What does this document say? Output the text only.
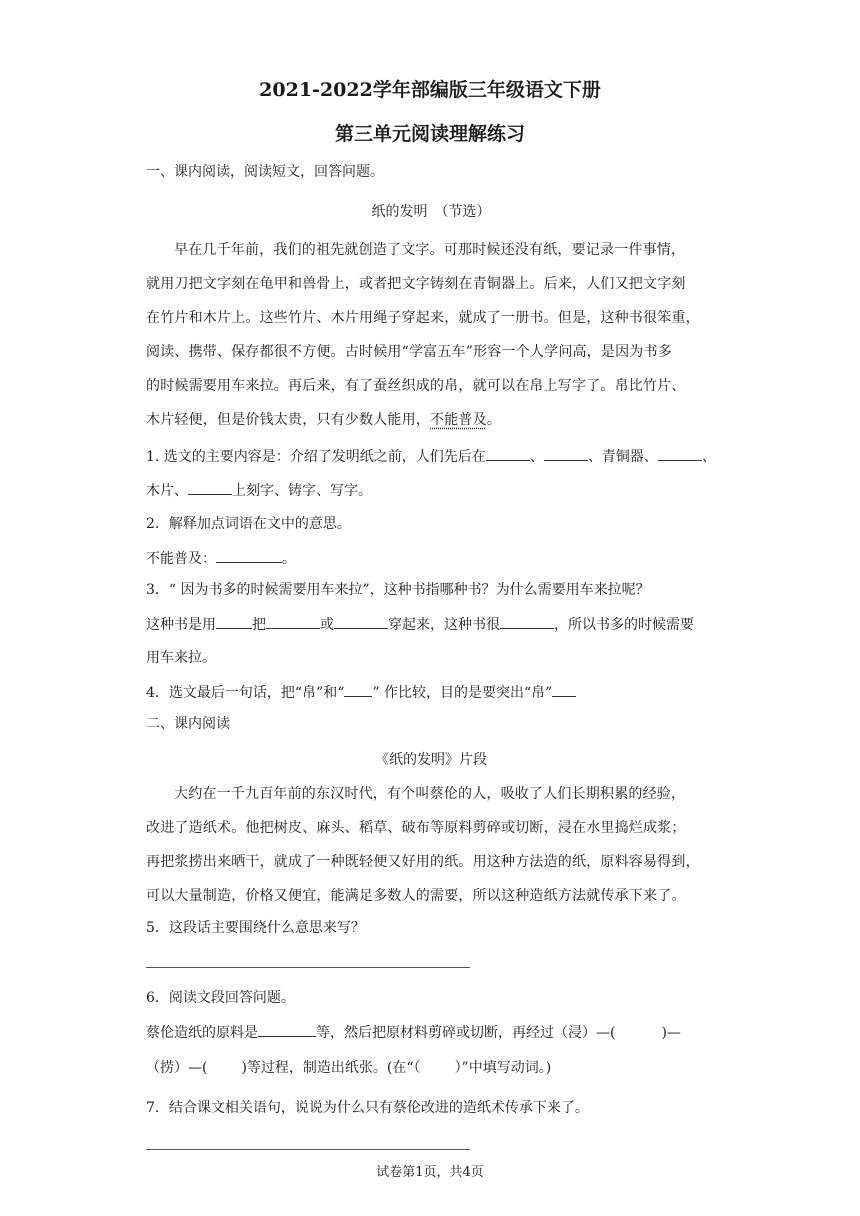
2021-2022学年部编版三年级语文下册
第三单元阅读理解练习
一、课内阅读，阅读短文，回答问题。
纸的发明　（节选）
早在几千年前，我们的祖先就创造了文字。可那时候还没有纸，要记录一件事情，
就用刀把文字刻在龟甲和兽骨上，或者把文字铸刻在青铜器上。后来，人们又把文字刻
在竹片和木片上。这些竹片、木片用绳子穿起来，就成了一册书。但是，这种书很笨重，
阅读、携带、保存都很不方便。古时候用“学富五车”形容一个人学问高，是因为书多
的时候需要用车来拉。再后来，有了蚕丝织成的帛，就可以在帛上写字了。帛比竹片、
木片轻便，但是价钱太贵，只有少数人能用，不能普及。
1. 选文的主要内容是：介绍了发明纸之前，人们先后在	、	、青铜器、	、
木片、	上刻字、铸字、写字。
2．解释加点词语在文中的意思。
不能普及：	。
3．“ 因为书多的时候需要用车来拉”，这种书指哪种书？为什么需要用车来拉呢？
这种书是用	把	或	穿起来，这种书很	，所以书多的时候需要
用车来拉。
4．选文最后一句话，把“帛”和“ ” 作比较，目的是要突出“帛”
二、课内阅读
《纸的发明》片段
大约在一千九百年前的东汉时代，有个叫蔡伦的人，吸收了人们长期积累的经验，
改进了造纸术。他把树皮、麻头、稻草、破布等原料剪碎或切断，浸在水里捣烂成浆；
再把浆捞出来晒干，就成了一种既轻便又好用的纸。用这种方法造的纸，原料容易得到，
可以大量制造，价格又便宜，能满足多数人的需要，所以这种造纸方法就传承下来了。
5．这段话主要围绕什么意思来写？
6．阅读文段回答问题。
蔡伦造纸的原料是	等，然后把原材料剪碎或切断，再经过（浸）—(	)—
（捞）—( )等过程，制造出纸张。(在“（ ）”中填写动词。)
7．结合课文相关语句，说说为什么只有蔡伦改进的造纸术传承下来了。
试卷第1页，共4页
